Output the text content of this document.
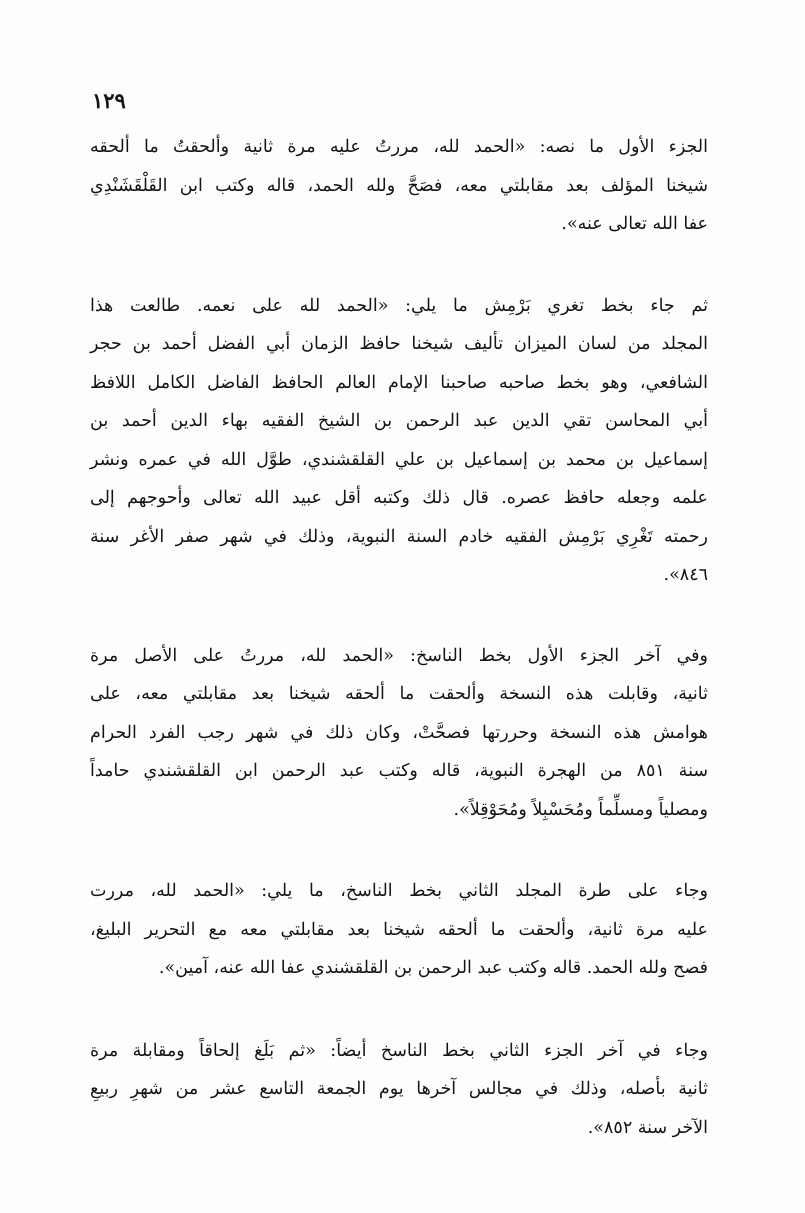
١٢٩
الجزء الأول ما نصه: «الحمد لله، مررتُ عليه مرة ثانية وألحقتُ ما ألحقه
شيخنا المؤلف بعد مقابلتي معه، فصَحَّ ولله الحمد، قاله وكتب ابن القَلْقَشَنْدِي
عفا الله تعالى عنه».
ثم جاء بخط تغري بَرْمِش ما يلي: «الحمد لله على نعمه. طالعت هذا
المجلد من لسان الميزان تأليف شيخنا حافظ الزمان أبي الفضل أحمد بن حجر
الشافعي، وهو بخط صاحبه صاحبنا الإمام العالم الحافظ الفاضل الكامل اللافظ
أبي المحاسن تقي الدين عبد الرحمن بن الشيخ الفقيه بهاء الدين أحمد بن
إسماعيل بن محمد بن إسماعيل بن علي القلقشندي، طوَّل الله في عمره ونشر
علمه وجعله حافظ عصره. قال ذلك وكتبه أقل عبيد الله تعالى وأحوجهم إلى
رحمته تَغْرِي بَرْمِش الفقيه خادم السنة النبوية، وذلك في شهر صفر الأغر سنة
٨٤٦».
وفي آخر الجزء الأول بخط الناسخ: «الحمد لله، مررتُ على الأصل مرة
ثانية، وقابلت هذه النسخة وألحقت ما ألحقه شيخنا بعد مقابلتي معه، على
هوامش هذه النسخة وحررتها فصحَّتْ، وكان ذلك في شهر رجب الفرد الحرام
سنة ٨٥١ من الهجرة النبوية، قاله وكتب عبد الرحمن ابن القلقشندي حامداً
ومصلياً ومسلِّماً ومُحَسْبِلاً ومُحَوْقِلاً».
وجاء على طرة المجلد الثاني بخط الناسخ، ما يلي: «الحمد لله، مررت
عليه مرة ثانية، وألحقت ما ألحقه شيخنا بعد مقابلتي معه مع التحرير البليغ،
فصح ولله الحمد. قاله وكتب عبد الرحمن بن القلقشندي عفا الله عنه، آمين».
وجاء في آخر الجزء الثاني بخط الناسخ أيضاً: «ثم بَلَغ إلحاقاً ومقابلة مرة
ثانية بأصله، وذلك في مجالس آخرها يوم الجمعة التاسع عشر من شهرِ ربيعِ
الآخر سنة ٨٥٢».
